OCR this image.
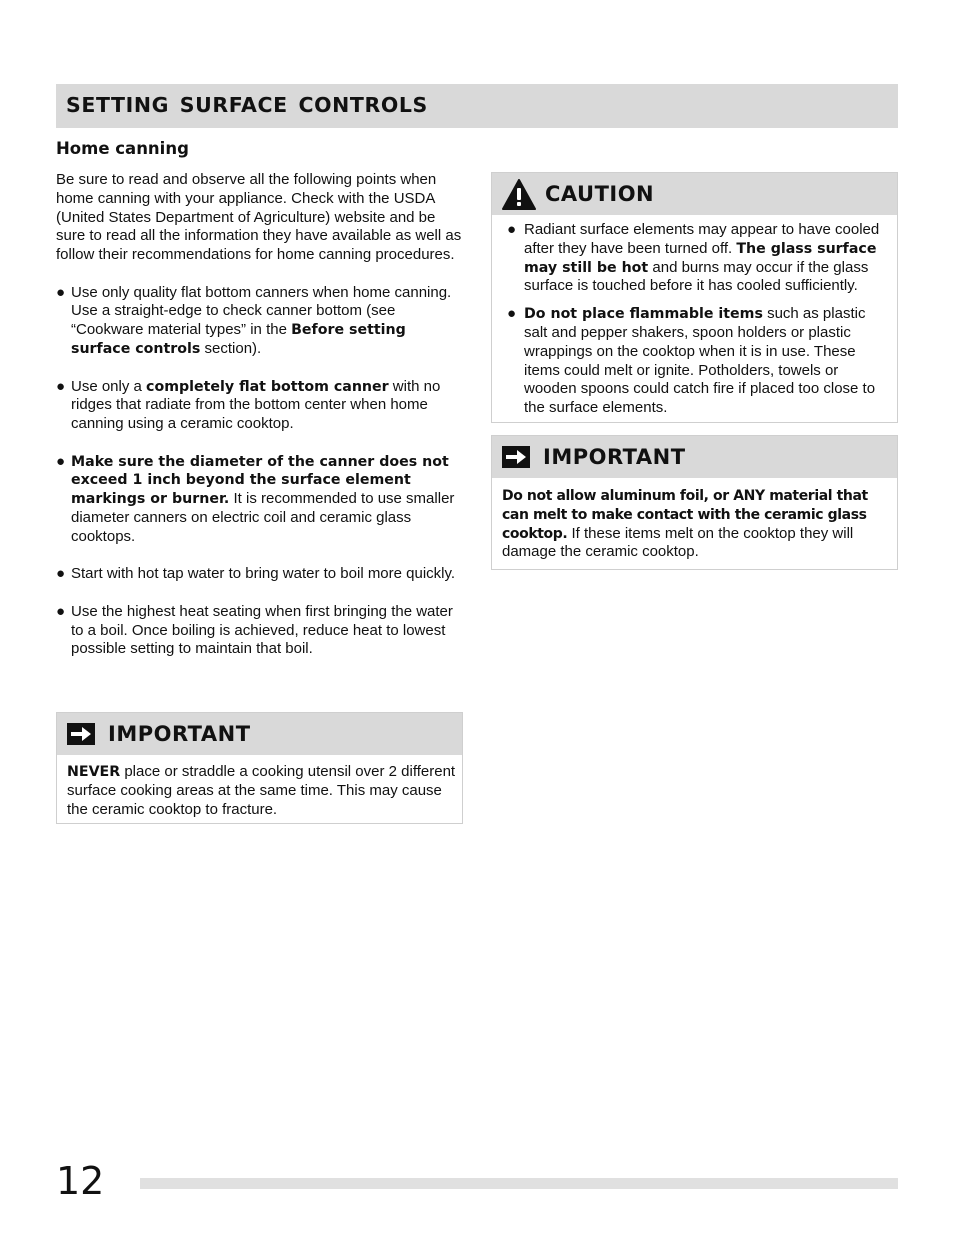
SETTING SURFACE CONTROLS
Home canning

Be sure to read and observe all the following points when home canning with your appliance. Check with the USDA (United States Department of Agriculture) website and be sure to read all the information they have available as well as follow their recommendations for home canning procedures.

● Use only quality flat bottom canners when home canning. Use a straight-edge to check canner bottom (see “Cookware material types” in the Before setting surface controls section).
● Use only a completely flat bottom canner with no ridges that radiate from the bottom center when home canning using a ceramic cooktop.
● Make sure the diameter of the canner does not exceed 1 inch beyond the surface element markings or burner. It is recommended to use smaller diameter canners on electric coil and ceramic glass cooktops.
● Start with hot tap water to bring water to boil more quickly.
● Use the highest heat seating when first bringing the water to a boil. Once boiling is achieved, reduce heat to lowest possible setting to maintain that boil.
IMPORTANT
NEVER place or straddle a cooking utensil over 2 different surface cooking areas at the same time. This may cause the ceramic cooktop to fracture.
CAUTION
● Radiant surface elements may appear to have cooled after they have been turned off. The glass surface may still be hot and burns may occur if the glass surface is touched before it has cooled sufficiently.
● Do not place flammable items such as plastic salt and pepper shakers, spoon holders or plastic wrappings on the cooktop when it is in use. These items could melt or ignite. Potholders, towels or wooden spoons could catch fire if placed too close to the surface elements.
IMPORTANT
Do not allow aluminum foil, or ANY material that can melt to make contact with the ceramic glass cooktop. If these items melt on the cooktop they will damage the ceramic cooktop.
12
